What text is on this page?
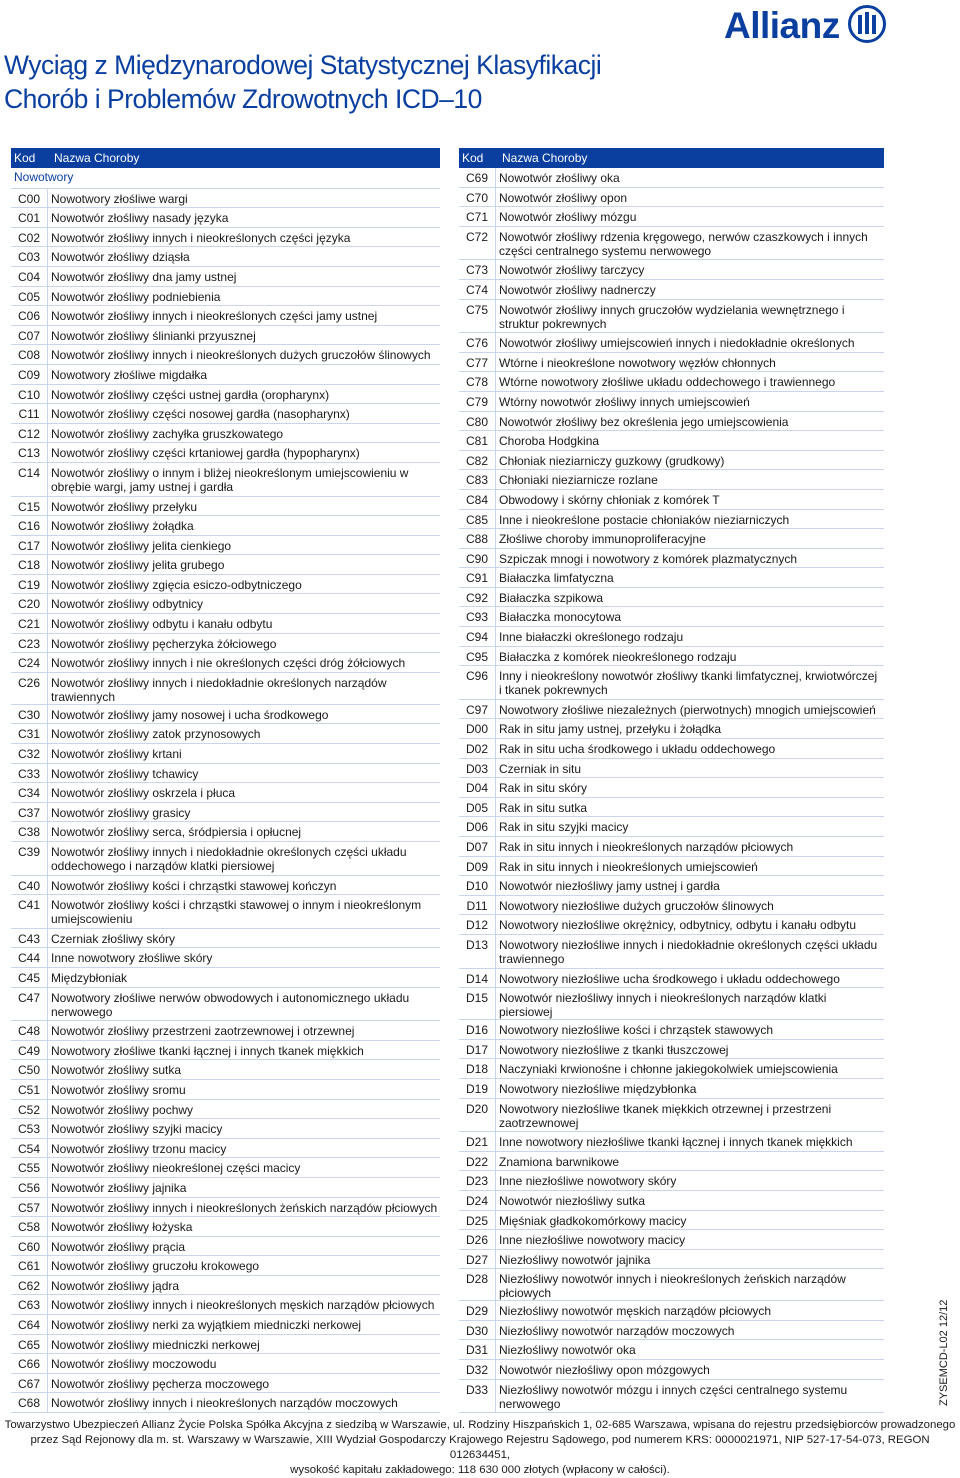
Wyciąg z Międzynarodowej Statystycznej Klasyfikacji
Chorób i Problemów Zdrowotnych ICD–10
Allianz
Kod	Nazwa Choroby
Nowotwory
C00 Nowotwory złośliwe wargi
C01 Nowotwór złośliwy nasady języka
C02 Nowotwór złośliwy innych i nieokreślonych części języka
C03 Nowotwór złośliwy dziąsła
C04 Nowotwór złośliwy dna jamy ustnej
C05 Nowotwór złośliwy podniebienia
C06 Nowotwór złośliwy innych i nieokreślonych części jamy ustnej
C07 Nowotwór złośliwy ślinianki przyusznej
C08 Nowotwór złośliwy innych i nieokreślonych dużych gruczołów ślinowych
C09 Nowotwory złośliwe migdałka
C10 Nowotwór złośliwy części ustnej gardła (oropharynx)
C11 Nowotwór złośliwy części nosowej gardła (nasopharynx)
C12 Nowotwór złośliwy zachyłka gruszkowatego
C13 Nowotwór złośliwy części krtaniowej gardła (hypopharynx)
C14 Nowotwór złośliwy o innym i bliżej nieokreślonym umiejscowieniu w obrębie wargi, jamy ustnej i gardła
C15 Nowotwór złośliwy przełyku
C16 Nowotwór złośliwy żołądka
C17 Nowotwór złośliwy jelita cienkiego
C18 Nowotwór złośliwy jelita grubego
C19 Nowotwór złośliwy zgięcia esiczo-odbytniczego
C20 Nowotwór złośliwy odbytnicy
C21 Nowotwór złośliwy odbytu i kanału odbytu
C23 Nowotwór złośliwy pęcherzyka żółciowego
C24 Nowotwór złośliwy innych i nie określonych części dróg żółciowych
C26 Nowotwór złośliwy innych i niedokładnie określonych narządów trawiennych
C30 Nowotwór złośliwy jamy nosowej i ucha środkowego
C31 Nowotwór złośliwy zatok przynosowych
C32 Nowotwór złośliwy krtani
C33 Nowotwór złośliwy tchawicy
C34 Nowotwór złośliwy oskrzela i płuca
C37 Nowotwór złośliwy grasicy
C38 Nowotwór złośliwy serca, śródpiersia i opłucnej
C39 Nowotwór złośliwy innych i niedokładnie określonych części układu oddechowego i narządów klatki piersiowej
C40 Nowotwór złośliwy kości i chrząstki stawowej kończyn
C41 Nowotwór złośliwy kości i chrząstki stawowej o innym i nieokreślonym umiejscowieniu
C43 Czerniak złośliwy skóry
C44 Inne nowotwory złośliwe skóry
C45 Międzybłoniak
C47 Nowotwory złośliwe nerwów obwodowych i autonomicznego układu nerwowego
C48 Nowotwór złośliwy przestrzeni zaotrzewnowej i otrzewnej
C49 Nowotwory złośliwe tkanki łącznej i innych tkanek miękkich
C50 Nowotwór złośliwy sutka
C51 Nowotwór złośliwy sromu
C52 Nowotwór złośliwy pochwy
C53 Nowotwór złośliwy szyjki macicy
C54 Nowotwór złośliwy trzonu macicy
C55 Nowotwór złośliwy nieokreślonej części macicy
C56 Nowotwór złośliwy jajnika
C57 Nowotwór złośliwy innych i nieokreślonych żeńskich narządów płciowych
C58 Nowotwór złośliwy łożyska
C60 Nowotwór złośliwy prącia
C61 Nowotwór złośliwy gruczołu krokowego
C62 Nowotwór złośliwy jądra
C63 Nowotwór złośliwy innych i nieokreślonych męskich narządów płciowych
C64 Nowotwór złośliwy nerki za wyjątkiem miedniczki nerkowej
C65 Nowotwór złośliwy miedniczki nerkowej
C66 Nowotwór złośliwy moczowodu
C67 Nowotwór złośliwy pęcherza moczowego
C68 Nowotwór złośliwy innych i nieokreślonych narządów moczowych
Kod	Nazwa Choroby
C69 Nowotwór złośliwy oka
C70 Nowotwór złośliwy opon
C71 Nowotwór złośliwy mózgu
C72 Nowotwór złośliwy rdzenia kręgowego, nerwów czaszkowych i innych części centralnego systemu nerwowego
C73 Nowotwór złośliwy tarczycy
C74 Nowotwór złośliwy nadnerczy
C75 Nowotwór złośliwy innych gruczołów wydzielania wewnętrznego i struktur pokrewnych
C76 Nowotwór złośliwy umiejscowień innych i niedokładnie określonych
C77 Wtórne i nieokreślone nowotwory węzłów chłonnych
C78 Wtórne nowotwory złośliwe układu oddechowego i trawiennego
C79 Wtórny nowotwór złośliwy innych umiejscowień
C80 Nowotwór złośliwy bez określenia jego umiejscowienia
C81 Choroba Hodgkina
C82 Chłoniak nieziarniczy guzkowy (grudkowy)
C83 Chłoniaki nieziarnicze rozlane
C84 Obwodowy i skórny chłoniak z komórek T
C85 Inne i nieokreślone postacie chłoniaków nieziarniczych
C88 Złośliwe choroby immunoproliferacyjne
C90 Szpiczak mnogi i nowotwory z komórek plazmatycznych
C91 Białaczka limfatyczna
C92 Białaczka szpikowa
C93 Białaczka monocytowa
C94 Inne białaczki określonego rodzaju
C95 Białaczka z komórek nieokreślonego rodzaju
C96 Inny i nieokreślony nowotwór złośliwy tkanki limfatycznej, krwiotwórczej i tkanek pokrewnych
C97 Nowotwory złośliwe niezależnych (pierwotnych) mnogich umiejscowień
D00 Rak in situ jamy ustnej, przełyku i żołądka
D02 Rak in situ ucha środkowego i układu oddechowego
D03 Czerniak in situ
D04 Rak in situ skóry
D05 Rak in situ sutka
D06 Rak in situ szyjki macicy
D07 Rak in situ innych i nieokreślonych narządów płciowych
D09 Rak in situ innych i nieokreślonych umiejscowień
D10 Nowotwór niezłośliwy jamy ustnej i gardła
D11 Nowotwory niezłośliwe dużych gruczołów ślinowych
D12 Nowotwory niezłośliwe okrężnicy, odbytnicy, odbytu i kanału odbytu
D13 Nowotwory niezłośliwe innych i niedokładnie określonych części układu trawiennego
D14 Nowotwory niezłośliwe ucha środkowego i układu oddechowego
D15 Nowotwór niezłośliwy innych i nieokreślonych narządów klatki piersiowej
D16 Nowotwory niezłośliwe kości i chrząstek stawowych
D17 Nowotwory niezłośliwe z tkanki tłuszczowej
D18 Naczyniaki krwionośne i chłonne jakiegokolwiek umiejscowienia
D19 Nowotwory niezłośliwe międzybłonka
D20 Nowotwory niezłośliwe tkanek miękkich otrzewnej i przestrzeni zaotrzewnowej
D21 Inne nowotwory niezłośliwe tkanki łącznej i innych tkanek miękkich
D22 Znamiona barwnikowe
D23 Inne niezłośliwe nowotwory skóry
D24 Nowotwór niezłośliwy sutka
D25 Mięśniak gładkokomórkowy macicy
D26 Inne niezłośliwe nowotwory macicy
D27 Niezłośliwy nowotwór jajnika
D28 Niezłośliwy nowotwór innych i nieokreślonych żeńskich narządów płciowych
D29 Niezłośliwy nowotwór męskich narządów płciowych
D30 Niezłośliwy nowotwór narządów moczowych
D31 Niezłośliwy nowotwór oka
D32 Nowotwór niezłośliwy opon mózgowych
D33 Niezłośliwy nowotwór mózgu i innych części centralnego systemu nerwowego
Towarzystwo Ubezpieczeń Allianz Życie Polska Spółka Akcyjna z siedzibą w Warszawie, ul. Rodziny Hiszpańskich 1, 02-685 Warszawa, wpisana do rejestru przedsiębiorców prowadzonego
przez Sąd Rejonowy dla m. st. Warszawy w Warszawie, XIII Wydział Gospodarczy Krajowego Rejestru Sądowego, pod numerem KRS: 0000021971, NIP 527-17-54-073, REGON 012634451,
wysokość kapitału zakładowego: 118 630 000 złotych (wpłacony w całości).
ZYSEMCD-L02 12/12
